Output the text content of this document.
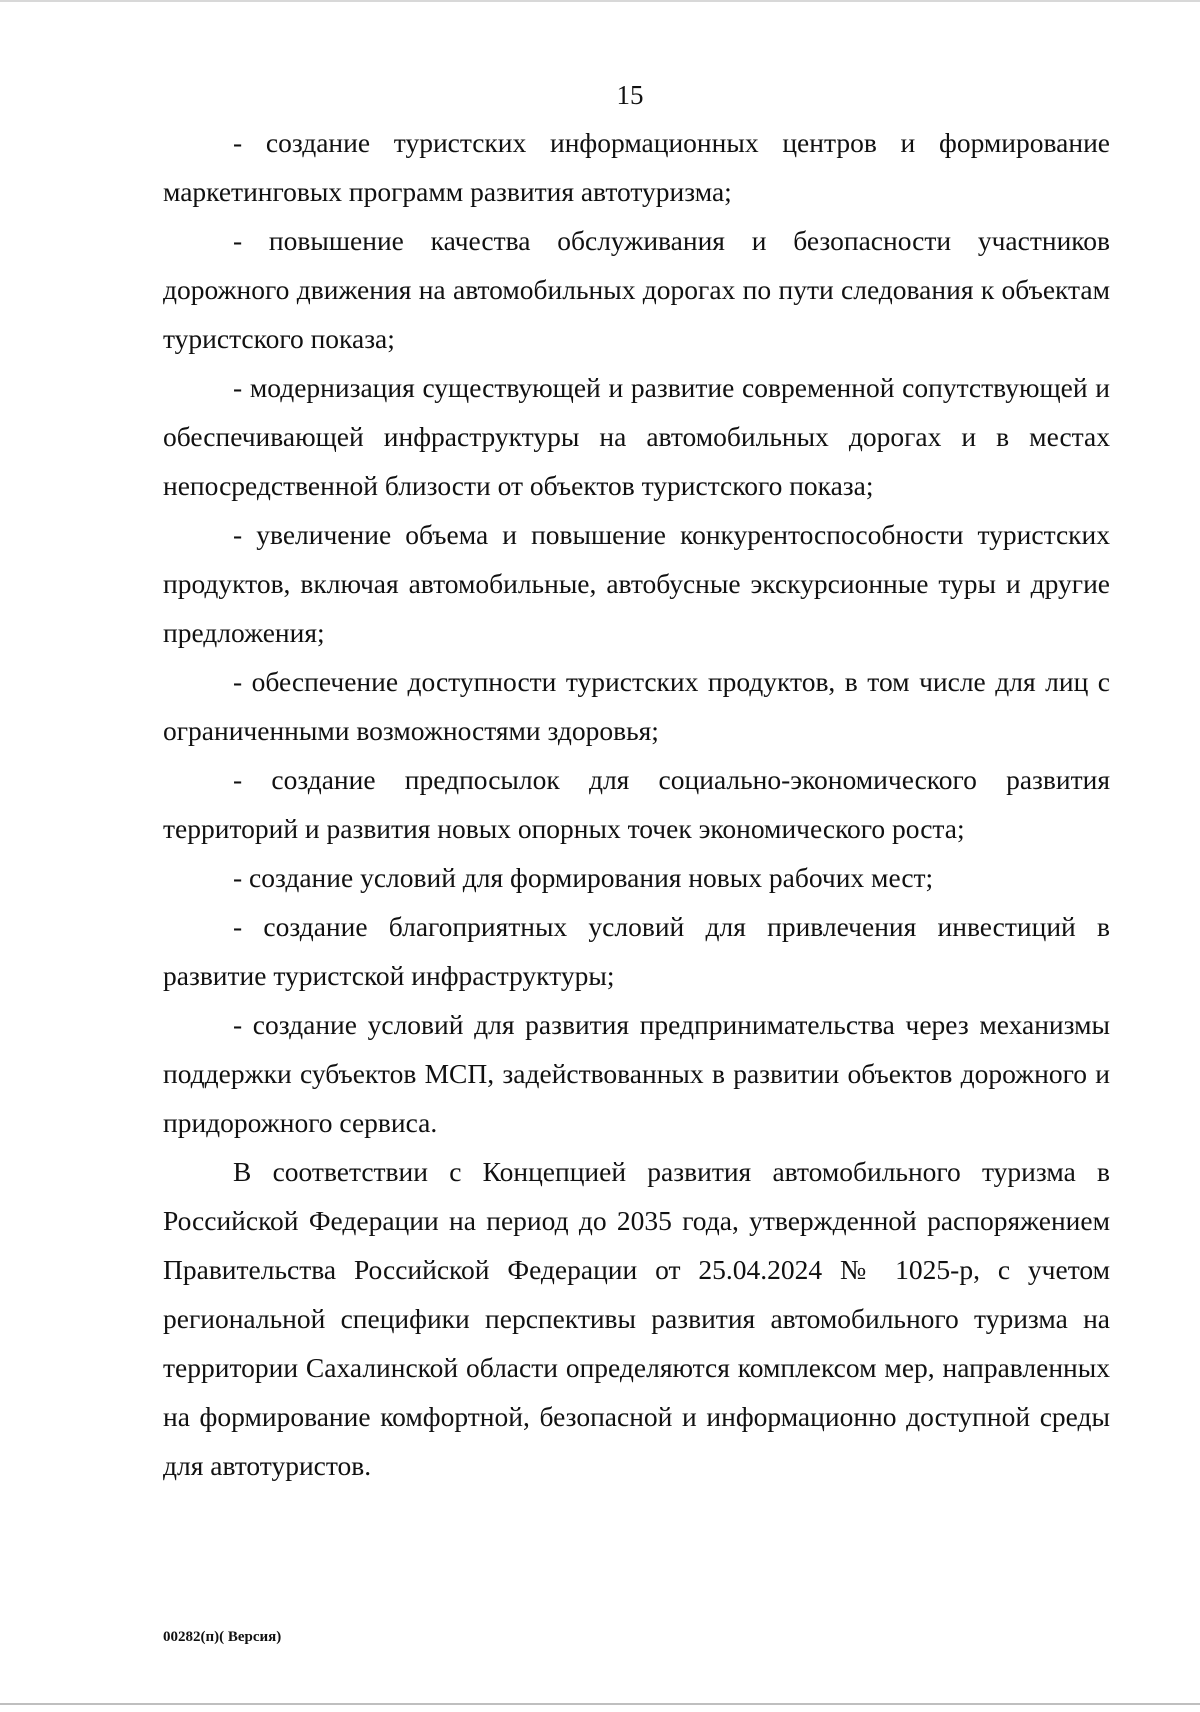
15

- создание туристских информационных центров и формирование маркетинговых программ развития автотуризма;

- повышение качества обслуживания и безопасности участников дорожного движения на автомобильных дорогах по пути следования к объектам туристского показа;

- модернизация существующей и развитие современной сопутствующей и обеспечивающей инфраструктуры на автомобильных дорогах и в местах непосредственной близости от объектов туристского показа;

- увеличение объема и повышение конкурентоспособности туристских продуктов, включая автомобильные, автобусные экскурсионные туры и другие предложения;

- обеспечение доступности туристских продуктов, в том числе для лиц с ограниченными возможностями здоровья;

- создание предпосылок для социально-экономического развития территорий и развития новых опорных точек экономического роста;

- создание условий для формирования новых рабочих мест;

- создание благоприятных условий для привлечения инвестиций в развитие туристской инфраструктуры;

- создание условий для развития предпринимательства через механизмы поддержки субъектов МСП, задействованных в развитии объектов дорожного и придорожного сервиса.

В соответствии с Концепцией развития автомобильного туризма в Российской Федерации на период до 2035 года, утвержденной распоряжением Правительства Российской Федерации от 25.04.2024 № 1025-р, с учетом региональной специфики перспективы развития автомобильного туризма на территории Сахалинской области определяются комплексом мер, направленных на формирование комфортной, безопасной и информационно доступной среды для автотуристов.

00282(п)( Версия)
